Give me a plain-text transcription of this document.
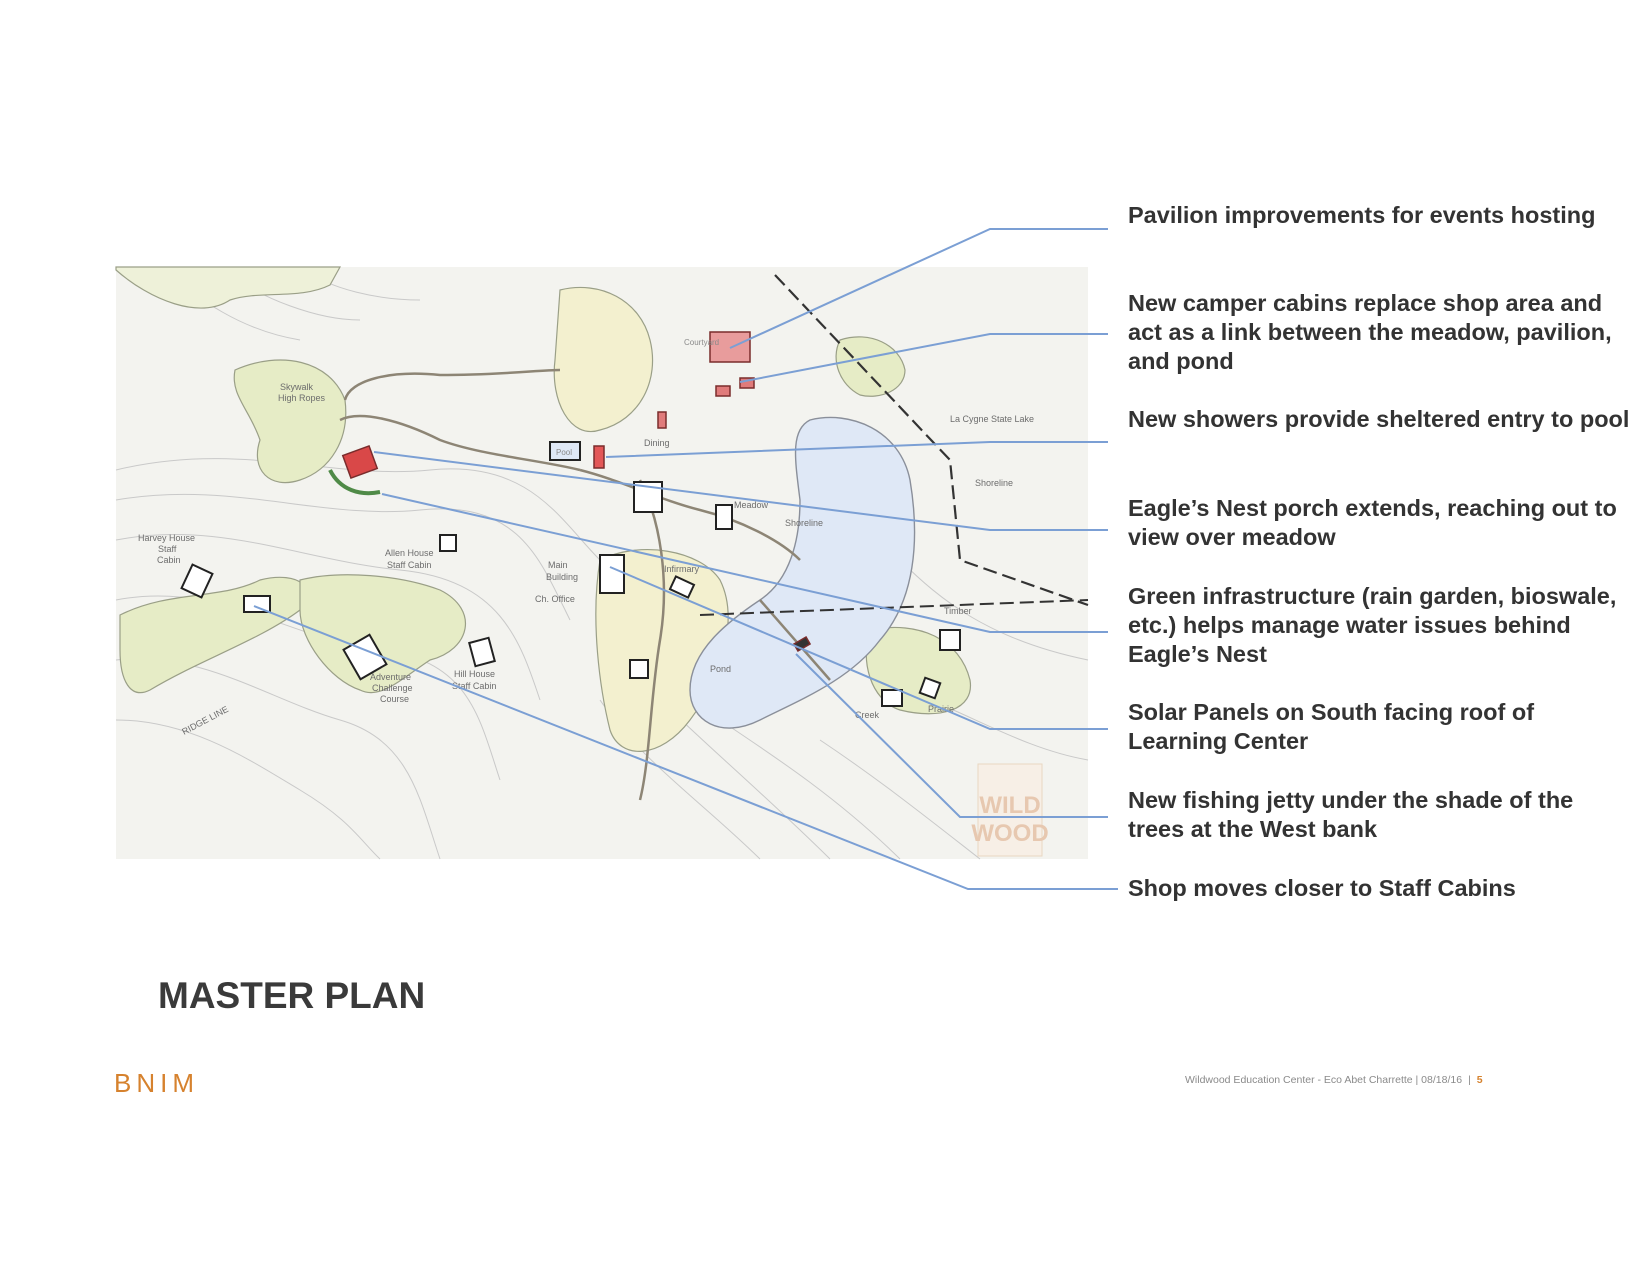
Skywalk
High Ropes
Harvey House
Staff
Cabin
Allen House
Staff Cabin	Main
Building
Ch. Office
Infirmary
Pool
Dining
Meadow
Shoreline
Shoreline
La Cygne State Lake
Pond
Timber
Adventure
Challenge
Course
Hill House
Staff Cabin
RIDGE LINE
Courtyard
Creek
Prairie
WILD
WOOD

Pavilion improvements for events hosting

New camper cabins replace shop area and act as a link between the meadow, pavilion, and pond

New showers provide sheltered entry to pool

Eagle’s Nest porch extends, reaching out to view over meadow

Green infrastructure (rain garden, bioswale, etc.) helps manage water issues behind Eagle’s Nest

Solar Panels on South facing roof of Learning Center

New fishing jetty under the shade of the trees at the West bank

Shop moves closer to Staff Cabins

MASTER PLAN
BNIM	Wildwood Education Center - Eco Abet Charrette | 08/18/16 | 5
